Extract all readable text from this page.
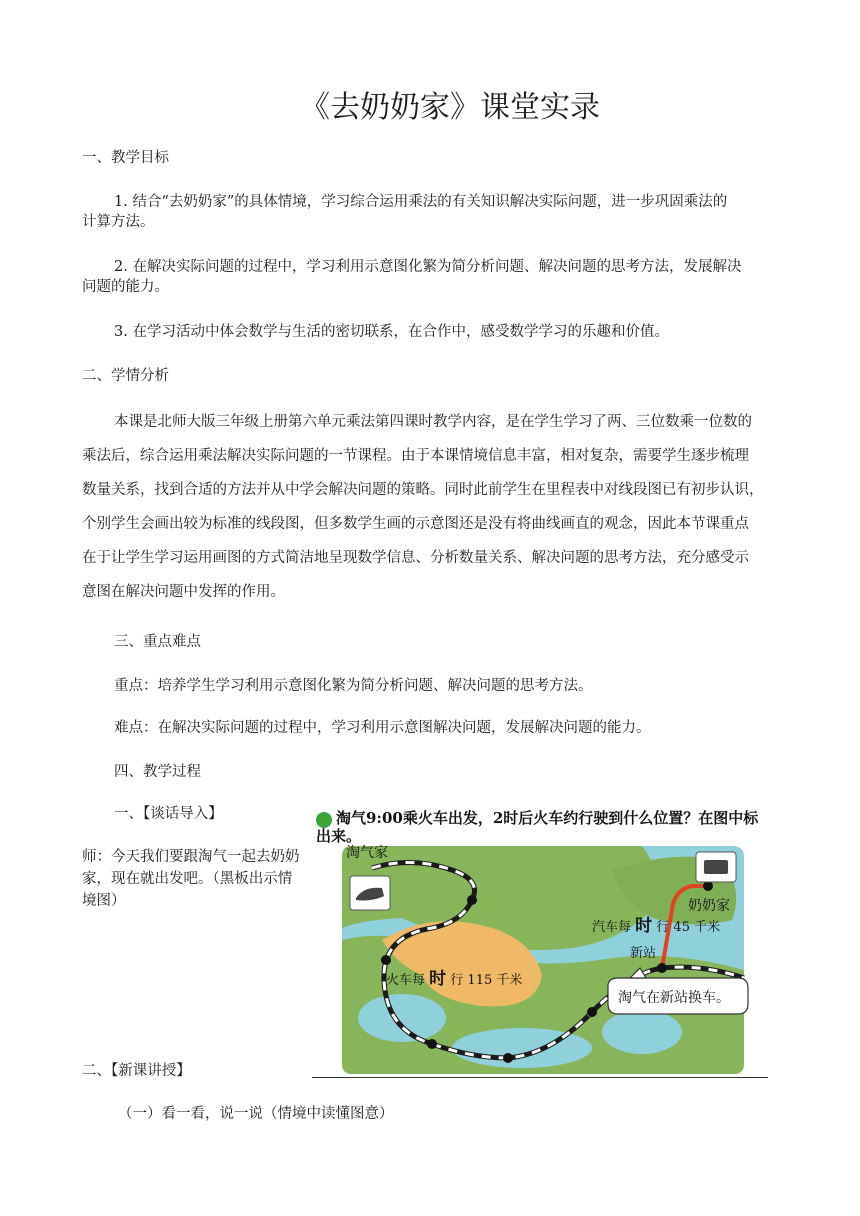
《去奶奶家》课堂实录
一、教学目标
1. 结合“去奶奶家”的具体情境，学习综合运用乘法的有关知识解决实际问题，进一步巩固乘法的
计算方法。
2. 在解决实际问题的过程中，学习利用示意图化繁为简分析问题、解决问题的思考方法，发展解决
问题的能力。
3. 在学习活动中体会数学与生活的密切联系，在合作中，感受数学学习的乐趣和价值。
二、学情分析
本课是北师大版三年级上册第六单元乘法第四课时教学内容，是在学生学习了两、三位数乘一位数的
乘法后，综合运用乘法解决实际问题的一节课程。由于本课情境信息丰富，相对复杂，需要学生逐步梳理
数量关系，找到合适的方法并从中学会解决问题的策略。同时此前学生在里程表中对线段图已有初步认识，
个别学生会画出较为标准的线段图，但多数学生画的示意图还是没有将曲线画直的观念，因此本节课重点
在于让学生学习运用画图的方式简洁地呈现数学信息、分析数量关系、解决问题的思考方法，充分感受示
意图在解决问题中发挥的作用。
三、重点难点
重点：培养学生学习利用示意图化繁为简分析问题、解决问题的思考方法。
难点：在解决实际问题的过程中，学习利用示意图解决问题，发展解决问题的能力。
四、教学过程
一、【谈话导入】
师：今天我们要跟淘气一起去奶奶
家，现在就出发吧。（黑板出示情
境图）
二、【新课讲授】
（一）看一看，说一说（情境中读懂图意）
淘气9:00乘火车出发，2时后火车约行驶到什么位置？在图中标
出来。
淘气家
奶奶家
新站
汽车每 时 行 45 千米
火车每 时 行 115 千米
淘气在新站换车。
